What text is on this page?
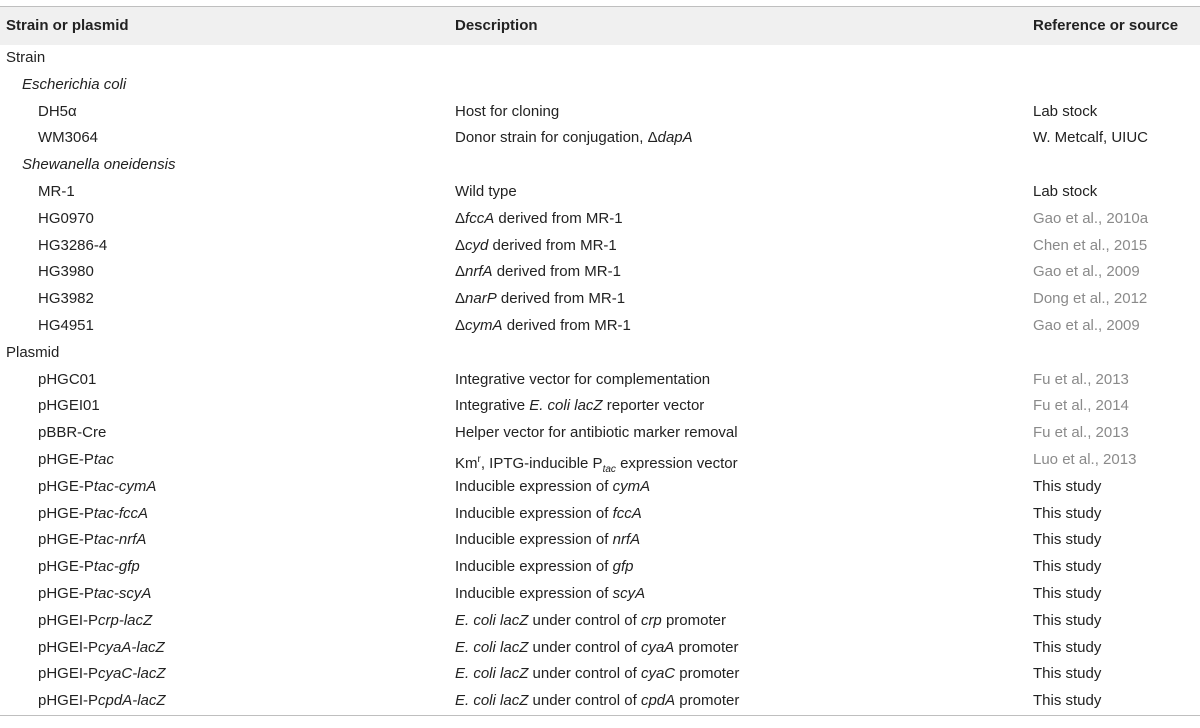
Strain or plasmid	Description	Reference or source
Strain
Escherichia coli
DH5α	Host for cloning	Lab stock
WM3064	Donor strain for conjugation, ΔdapA	W. Metcalf, UIUC
Shewanella oneidensis
MR-1	Wild type	Lab stock
HG0970	ΔfccA derived from MR-1	Gao et al., 2010a
HG3286-4	Δcyd derived from MR-1	Chen et al., 2015
HG3980	ΔnrfA derived from MR-1	Gao et al., 2009
HG3982	ΔnarP derived from MR-1	Dong et al., 2012
HG4951	ΔcymA derived from MR-1	Gao et al., 2009
Plasmid
pHGC01	Integrative vector for complementation	Fu et al., 2013
pHGEI01	Integrative E. coli lacZ reporter vector	Fu et al., 2014
pBBR-Cre	Helper vector for antibiotic marker removal	Fu et al., 2013
pHGE-Ptac	Km$^r$, IPTG-inducible $P_{tac}$ expression vector	Luo et al., 2013
pHGE-Ptac-cymA	Inducible expression of cymA	This study
pHGE-Ptac-fccA	Inducible expression of fccA	This study
pHGE-Ptac-nrfA	Inducible expression of nrfA	This study
pHGE-Ptac-gfp	Inducible expression of gfp	This study
pHGE-Ptac-scyA	Inducible expression of scyA	This study
pHGEI-Pcrp-lacZ	E. coli lacZ under control of crp promoter	This study
pHGEI-PcyaA-lacZ	E. coli lacZ under control of cyaA promoter	This study
pHGEI-PcyaC-lacZ	E. coli lacZ under control of cyaC promoter	This study
pHGEI-PcpdA-lacZ	E. coli lacZ under control of cpdA promoter	This study
